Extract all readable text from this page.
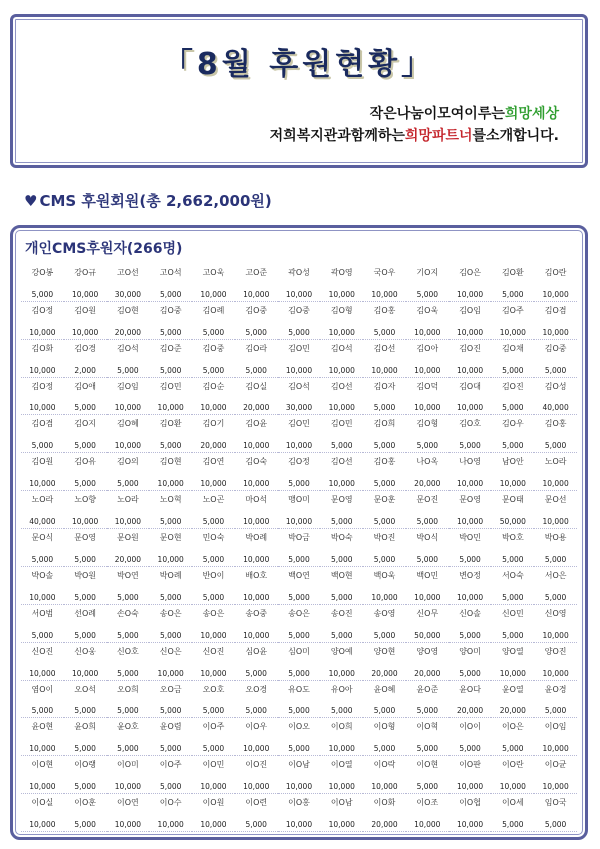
「8월 후원현황」
작은나눔이모여이루는희망세상
저희복지관과함께하는희망파트너를소개합니다.
♥ CMS 후원회원(총 2,662,000원)
개인CMS후원자(266명)
강O봉
5,000
강O규
10,000
고O선
30,000
고O석
5,000
고O욱
10,000
고O준
10,000
곽O성
10,000
곽O영
10,000
국O우
10,000
기O지
5,000
김O은
10,000
김O환
5,000
김O란
10,000
김O정
10,000
김O원
10,000
김O현
20,000
김O중
5,000
김O례
5,000
김O중
5,000
김O중
5,000
김O형
10,000
김O홍
5,000
김O욱
10,000
김O임
10,000
김O주
10,000
김O겸
10,000
김O화
10,000
김O경
2,000
김O석
5,000
김O준
5,000
김O중
5,000
김O라
5,000
김O민
10,000
김O석
10,000
김O선
10,000
김O아
10,000
김O진
10,000
김O채
5,000
김O중
5,000
김O정
10,000
김O애
5,000
김O임
10,000
김O민
10,000
김O순
10,000
김O실
20,000
김O석
30,000
김O선
10,000
김O자
5,000
김O덕
10,000
김O대
10,000
김O진
5,000
김O성
40,000
김O겸
5,000
김O지
5,000
김O혜
10,000
김O환
5,000
김O기
20,000
김O윤
10,000
김O민
10,000
김O민
5,000
김O희
5,000
김O형
5,000
김O호
5,000
김O우
5,000
김O홍
5,000
김O원
10,000
김O유
5,000
김O의
5,000
김O현
10,000
김O연
10,000
김O숙
10,000
김O정
5,000
김O선
10,000
김O홍
5,000
나O옥
20,000
나O영
10,000
남O안
10,000
노O라
10,000
노O라
40,000
노O향
10,000
노O라
10,000
노O혁
5,000
노O곤
5,000
마O석
10,000
맹O미
10,000
문O영
5,000
문O훈
5,000
문O진
5,000
문O영
10,000
문O태
50,000
문O선
10,000
문O식
5,000
문O영
5,000
문O원
20,000
문O현
10,000
민O숙
5,000
박O례
10,000
박O금
5,000
박O숙
5,000
박O진
5,000
박O식
5,000
박O민
5,000
박O호
5,000
박O용
5,000
박O솔
10,000
박O원
5,000
박O연
5,000
박O례
5,000
반O이
5,000
배O호
10,000
백O연
5,000
백O현
5,000
백O욱
10,000
백O민
10,000
변O정
10,000
서O숙
5,000
서O은
5,000
서O범
5,000
선O례
5,000
손O숙
5,000
송O은
5,000
송O은
10,000
송O중
10,000
송O은
5,000
송O진
5,000
송O영
5,000
신O무
50,000
신O솔
5,000
신O민
5,000
신O영
10,000
신O진
10,000
신O웅
10,000
신O호
5,000
신O은
10,000
신O진
10,000
심O윤
5,000
심O미
5,000
양O예
10,000
양O현
20,000
양O영
20,000
양O미
5,000
양O열
10,000
양O진
10,000
염O이
5,000
오O석
5,000
오O희
5,000
오O금
5,000
오O호
5,000
오O경
5,000
유O도
5,000
유O아
5,000
윤O혜
5,000
윤O준
5,000
윤O다
20,000
윤O열
20,000
윤O경
5,000
윤O현
10,000
윤O희
5,000
윤O호
5,000
윤O렴
5,000
이O주
5,000
이O우
10,000
이O오
5,000
이O희
10,000
이O형
5,000
이O혁
5,000
이O이
5,000
이O은
5,000
이O임
10,000
이O현
10,000
이O랭
5,000
이O미
10,000
이O주
5,000
이O민
10,000
이O진
10,000
이O남
10,000
이O열
10,000
이O락
10,000
이O현
5,000
이O판
10,000
이O란
10,000
이O균
10,000
이O실
10,000
이O훈
5,000
이O연
10,000
이O수
10,000
이O원
10,000
이O련
5,000
이O홍
10,000
이O남
10,000
이O화
20,000
이O조
10,000
이O협
10,000
이O세
5,000
임O국
5,000
